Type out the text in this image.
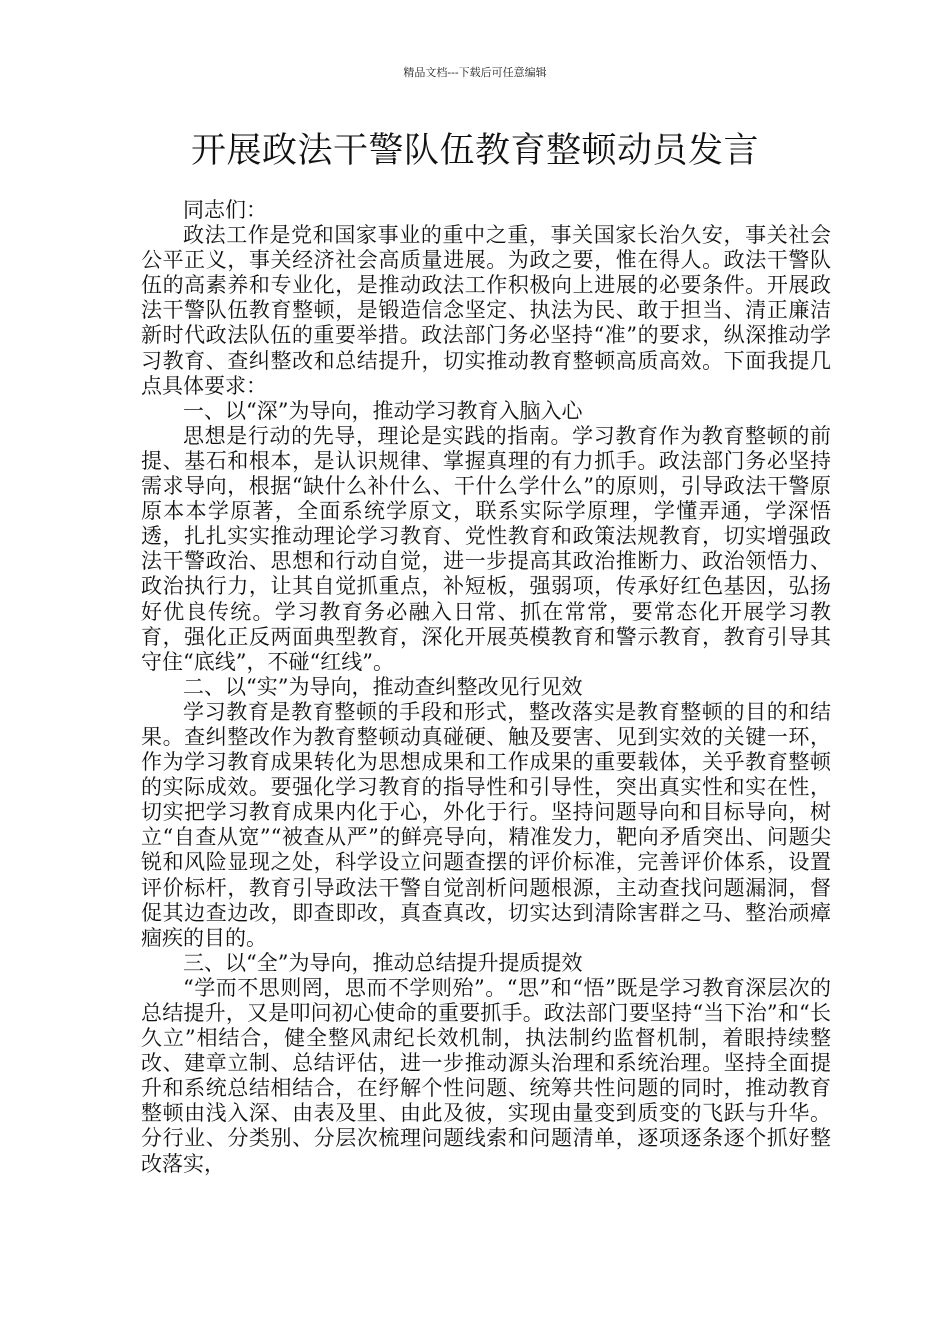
精品文档---下载后可任意编辑
开展政法干警队伍教育整顿动员发言

同志们：

政法工作是党和国家事业的重中之重，事关国家长治久安，事关社会公平正义，事关经济社会高质量进展。为政之要，惟在得人。政法干警队伍的高素养和专业化，是推动政法工作积极向上进展的必要条件。开展政法干警队伍教育整顿，是锻造信念坚定、执法为民、敢于担当、清正廉洁新时代政法队伍的重要举措。政法部门务必坚持“准”的要求，纵深推动学习教育、查纠整改和总结提升，切实推动教育整顿高质高效。下面我提几点具体要求：

一、以“深”为导向，推动学习教育入脑入心

思想是行动的先导，理论是实践的指南。学习教育作为教育整顿的前提、基石和根本，是认识规律、掌握真理的有力抓手。政法部门务必坚持需求导向，根据“缺什么补什么、干什么学什么”的原则，引导政法干警原原本本学原著，全面系统学原文，联系实际学原理，学懂弄通，学深悟透，扎扎实实推动理论学习教育、党性教育和政策法规教育，切实增强政法干警政治、思想和行动自觉，进一步提高其政治推断力、政治领悟力、政治执行力，让其自觉抓重点，补短板，强弱项，传承好红色基因，弘扬好优良传统。学习教育务必融入日常、抓在常常，要常态化开展学习教育，强化正反两面典型教育，深化开展英模教育和警示教育，教育引导其守住“底线”，不碰“红线”。

二、以“实”为导向，推动查纠整改见行见效

学习教育是教育整顿的手段和形式，整改落实是教育整顿的目的和结果。查纠整改作为教育整顿动真碰硬、触及要害、见到实效的关键一环，作为学习教育成果转化为思想成果和工作成果的重要载体，关乎教育整顿的实际成效。要强化学习教育的指导性和引导性，突出真实性和实在性，切实把学习教育成果内化于心，外化于行。坚持问题导向和目标导向，树立“自查从宽”“被查从严”的鲜亮导向，精准发力，靶向矛盾突出、问题尖锐和风险显现之处，科学设立问题查摆的评价标准，完善评价体系，设置评价标杆，教育引导政法干警自觉剖析问题根源，主动查找问题漏洞，督促其边查边改，即查即改，真查真改，切实达到清除害群之马、整治顽瘴痼疾的目的。

三、以“全”为导向，推动总结提升提质提效

“学而不思则罔，思而不学则殆”。“思”和“悟”既是学习教育深层次的总结提升，又是叩问初心使命的重要抓手。政法部门要坚持“当下治”和“长久立”相结合，健全整风肃纪长效机制，执法制约监督机制，着眼持续整改、建章立制、总结评估，进一步推动源头治理和系统治理。坚持全面提升和系统总结相结合，在纾解个性问题、统筹共性问题的同时，推动教育整顿由浅入深、由表及里、由此及彼，实现由量变到质变的飞跃与升华。分行业、分类别、分层次梳理问题线索和问题清单，逐项逐条逐个抓好整改落实，
